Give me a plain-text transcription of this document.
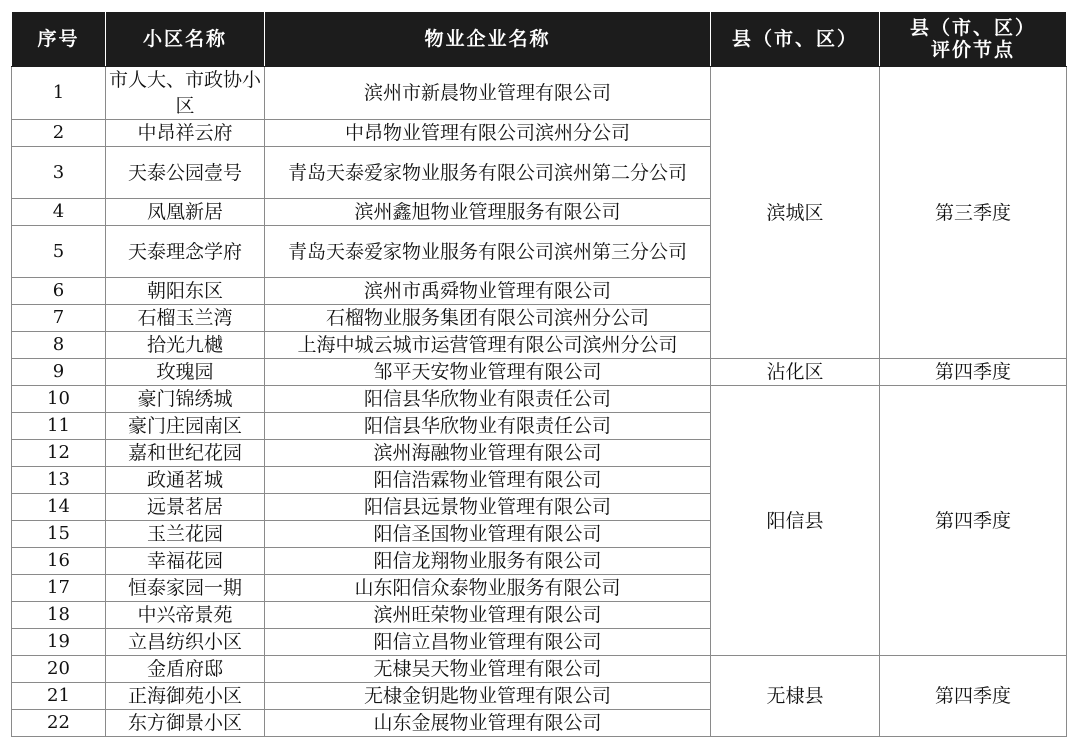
序号	小区名称	物业企业名称	县（市、区）	县（市、区）
评价节点

1	市人大、市政协小区	滨州市新晨物业管理有限公司	滨城区	第三季度
2	中昂祥云府	中昂物业管理有限公司滨州分公司		
3	天泰公园壹号	青岛天泰爱家物业服务有限公司滨州第二分公司		
4	凤凰新居	滨州鑫旭物业管理服务有限公司		
5	天泰理念学府	青岛天泰爱家物业服务有限公司滨州第三分公司		
6	朝阳东区	滨州市禹舜物业管理有限公司		
7	石榴玉兰湾	石榴物业服务集团有限公司滨州分公司		
8	拾光九樾	上海中城云城市运营管理有限公司滨州分公司		
9	玫瑰园	邹平天安物业管理有限公司	沾化区	第四季度
10	豪门锦绣城	阳信县华欣物业有限责任公司	阳信县	第四季度
11	豪门庄园南区	阳信县华欣物业有限责任公司		
12	嘉和世纪花园	滨州海融物业管理有限公司		
13	政通茗城	阳信浩霖物业管理有限公司		
14	远景茗居	阳信县远景物业管理有限公司		
15	玉兰花园	阳信圣国物业管理有限公司		
16	幸福花园	阳信龙翔物业服务有限公司		
17	恒泰家园一期	山东阳信众泰物业服务有限公司		
18	中兴帝景苑	滨州旺荣物业管理有限公司		
19	立昌纺织小区	阳信立昌物业管理有限公司		
20	金盾府邸	无棣吴天物业管理有限公司	无棣县	第四季度
21	正海御苑小区	无棣金钥匙物业管理有限公司		
22	东方御景小区	山东金展物业管理有限公司		
